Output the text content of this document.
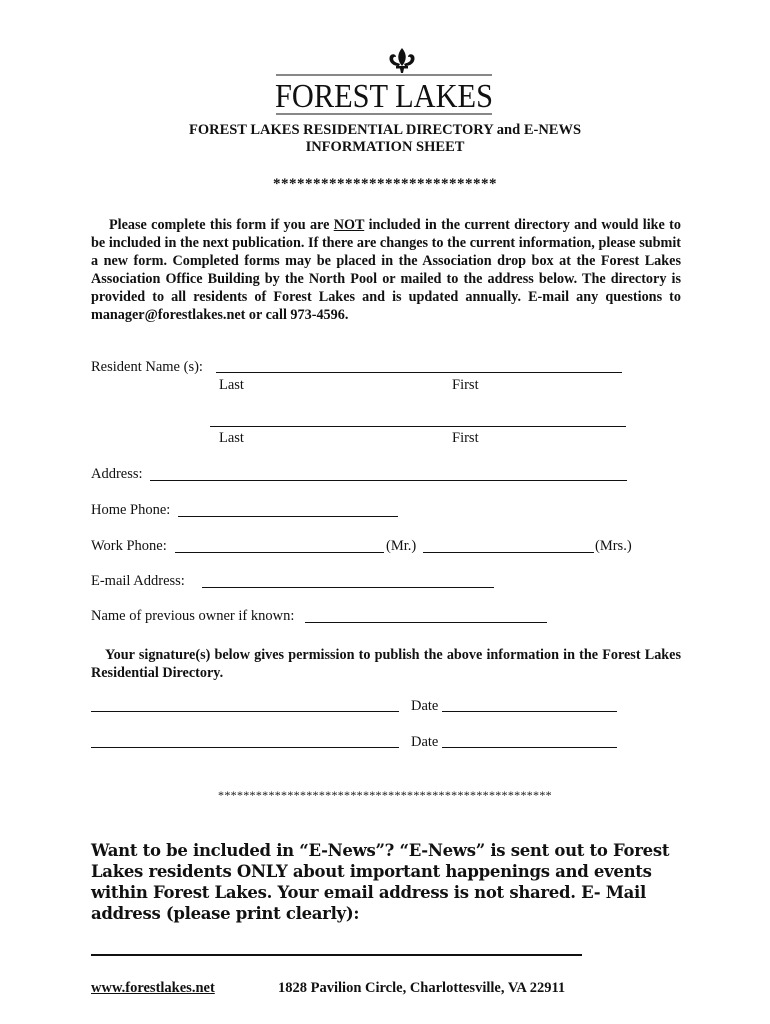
FOREST LAKES
FOREST LAKES RESIDENTIAL DIRECTORY and E-NEWS
INFORMATION SHEET
****************************
Please complete this form if you are NOT included in the current directory and would like to be included in the next publication. If there are changes to the current information, please submit a new form. Completed forms may be placed in the Association drop box at the Forest Lakes Association Office Building by the North Pool or mailed to the address below. The directory is provided to all residents of Forest Lakes and is updated annually. E-mail any questions to manager@forestlakes.net or call 973-4596.
Resident Name (s):
Last	First
Last	First
Address:
Home Phone:
Work Phone:	(Mr.)	(Mrs.)
E-mail Address:
Name of previous owner if known:
Your signature(s) below gives permission to publish the above information in the Forest Lakes Residential Directory.
Date
Date
*****************************************************
Want to be included in “E-News”? “E-News” is sent out to Forest Lakes residents ONLY about important happenings and events within Forest Lakes. Your email address is not shared. E- Mail address (please print clearly):
www.forestlakes.net	1828 Pavilion Circle, Charlottesville, VA 22911
